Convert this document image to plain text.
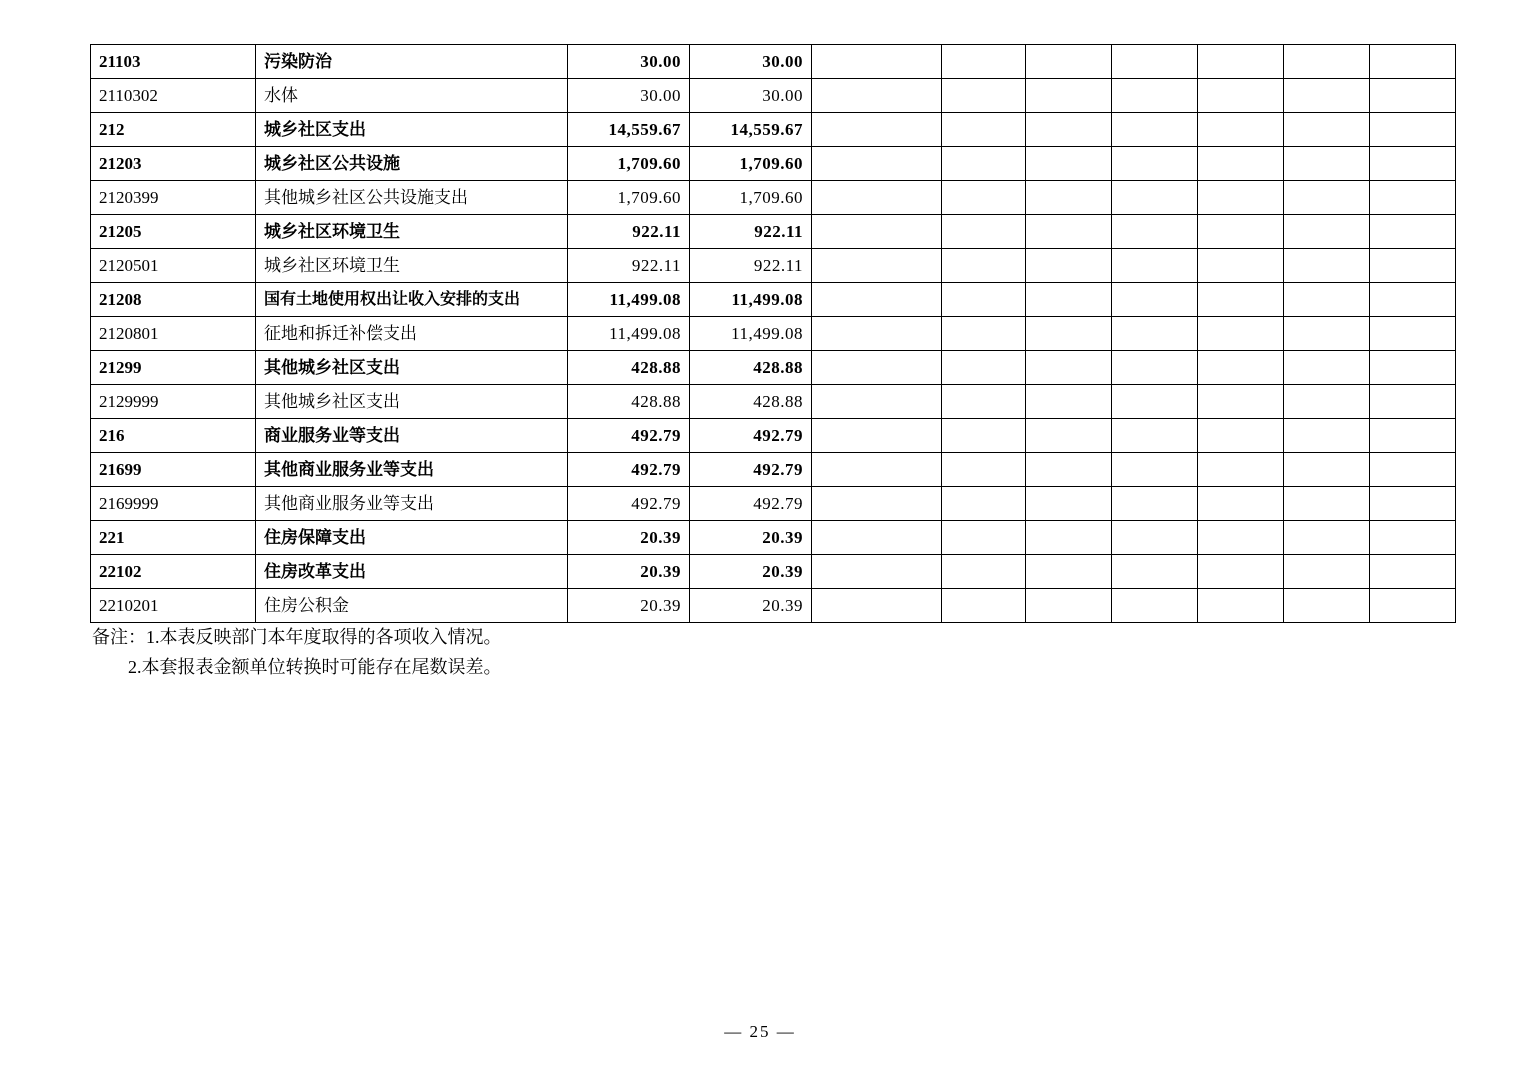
21103	污染防治	30.00	30.00							
2110302	水体	30.00	30.00							
212	城乡社区支出	14,559.67	14,559.67							
21203	城乡社区公共设施	1,709.60	1,709.60							
2120399	其他城乡社区公共设施支出	1,709.60	1,709.60							
21205	城乡社区环境卫生	922.11	922.11							
2120501	城乡社区环境卫生	922.11	922.11							
21208	国有土地使用权出让收入安排的支出	11,499.08	11,499.08							
2120801	征地和拆迁补偿支出	11,499.08	11,499.08							
21299	其他城乡社区支出	428.88	428.88							
2129999	其他城乡社区支出	428.88	428.88							
216	商业服务业等支出	492.79	492.79							
21699	其他商业服务业等支出	492.79	492.79							
2169999	其他商业服务业等支出	492.79	492.79							
221	住房保障支出	20.39	20.39							
22102	住房改革支出	20.39	20.39							
2210201	住房公积金	20.39	20.39							

备注：1.本表反映部门本年度取得的各项收入情况。

2.本套报表金额单位转换时可能存在尾数误差。

— 25 —
